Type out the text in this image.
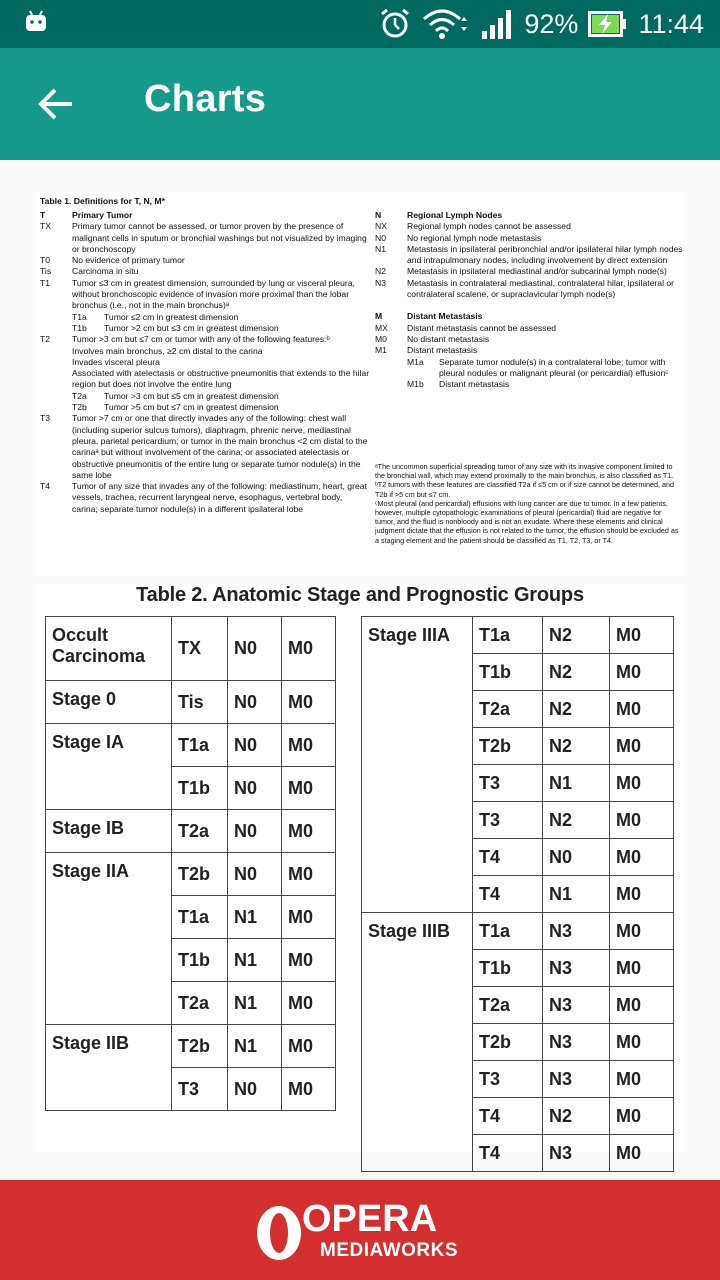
92% 11:44
Charts
Table 1. Definitions for T, N, M*
T	Primary Tumor
TX	Primary tumor cannot be assessed, or tumor proven by the presence of malignant cells in sputum or bronchial washings but not visualized by imaging or bronchoscopy
T0	No evidence of primary tumor
Tis	Carcinoma in situ
T1	Tumor ≤3 cm in greatest dimension, surrounded by lung or visceral pleura, without bronchoscopic evidence of invasion more proximal than the lobar bronchus (i.e., not in the main bronchus)ᵃ
T1a	Tumor ≤2 cm in greatest dimension
T1b	Tumor >2 cm but ≤3 cm in greatest dimension
T2	Tumor >3 cm but ≤7 cm or tumor with any of the following features:ᵇ
Involves main bronchus, ≥2 cm distal to the carina
Invades visceral pleura
Associated with atelectasis or obstructive pneumonitis that extends to the hilar region but does not involve the entire lung
T2a	Tumor >3 cm but ≤5 cm in greatest dimension
T2b	Tumor >5 cm but ≤7 cm in greatest dimension
T3	Tumor >7 cm or one that directly invades any of the following: chest wall (including superior sulcus tumors), diaphragm, phrenic nerve, mediastinal pleura, parietal pericardium; or tumor in the main bronchus <2 cm distal to the carinaᵃ but without involvement of the carina; or associated atelectasis or obstructive pneumonitis of the entire lung or separate tumor nodule(s) in the same lobe
T4	Tumor of any size that invades any of the following: mediastinum, heart, great vessels, trachea, recurrent laryngeal nerve, esophagus, vertebral body, carina; separate tumor nodule(s) in a different ipsilateral lobe
N	Regional Lymph Nodes
NX	Regional lymph nodes cannot be assessed
N0	No regional lymph node metastasis
N1	Metastasis in ipsilateral peribronchial and/or ipsilateral hilar lymph nodes and intrapulmonary nodes, including involvement by direct extension
N2	Metastasis in ipsilateral mediastinal and/or subcarinal lymph node(s)
N3	Metastasis in contralateral mediastinal, contralateral hilar, ipsilateral or contralateral scalene, or supraclavicular lymph node(s)
M	Distant Metastasis
MX	Distant metastasis cannot be assessed
M0	No distant metastasis
M1	Distant metastasis
M1a	Separate tumor nodule(s) in a contralateral lobe; tumor with pleural nodules or malignant pleural (or pericardial) effusionᶜ
M1b	Distant metastasis

ᵃThe uncommon superficial spreading tumor of any size with its invasive component limited to the bronchial wall, which may extend proximally to the main bronchus, is also classified as T1.

ᵇT2 tumors with these features are classified T2a if ≤5 cm or if size cannot be determined, and T2b if >5 cm but ≤7 cm.

ᶜMost pleural (and pericardial) effusions with lung cancer are due to tumor. In a few patients, however, multiple cytopathologic examinations of pleural (pericardial) fluid are negative for tumor, and the fluid is nonbloody and is not an exudate. Where these elements and clinical judgment dictate that the effusion is not related to the tumor, the effusion should be excluded as a staging element and the patient should be classified as T1, T2, T3, or T4.

Table 2. Anatomic Stage and Prognostic Groups
Occult Carcinoma	TX	N0	M0
Stage 0	Tis	N0	M0
Stage IA	T1a	N0	M0
	T1b	N0	M0
Stage IB	T2a	N0	M0
Stage IIA	T2b	N0	M0
	T1a	N1	M0
	T1b	N1	M0
	T2a	N1	M0
Stage IIB	T2b	N1	M0
	T3	N0	M0
Stage IIIA	T1a	N2	M0
	T1b	N2	M0
	T2a	N2	M0
	T2b	N2	M0
	T3	N1	M0
	T3	N2	M0
	T4	N0	M0
	T4	N1	M0
Stage IIIB	T1a	N3	M0
	T1b	N3	M0
	T2a	N3	M0
	T2b	N3	M0
	T3	N3	M0
	T4	N2	M0
	T4	N3	M0
OPERA
MEDIAWORKS
